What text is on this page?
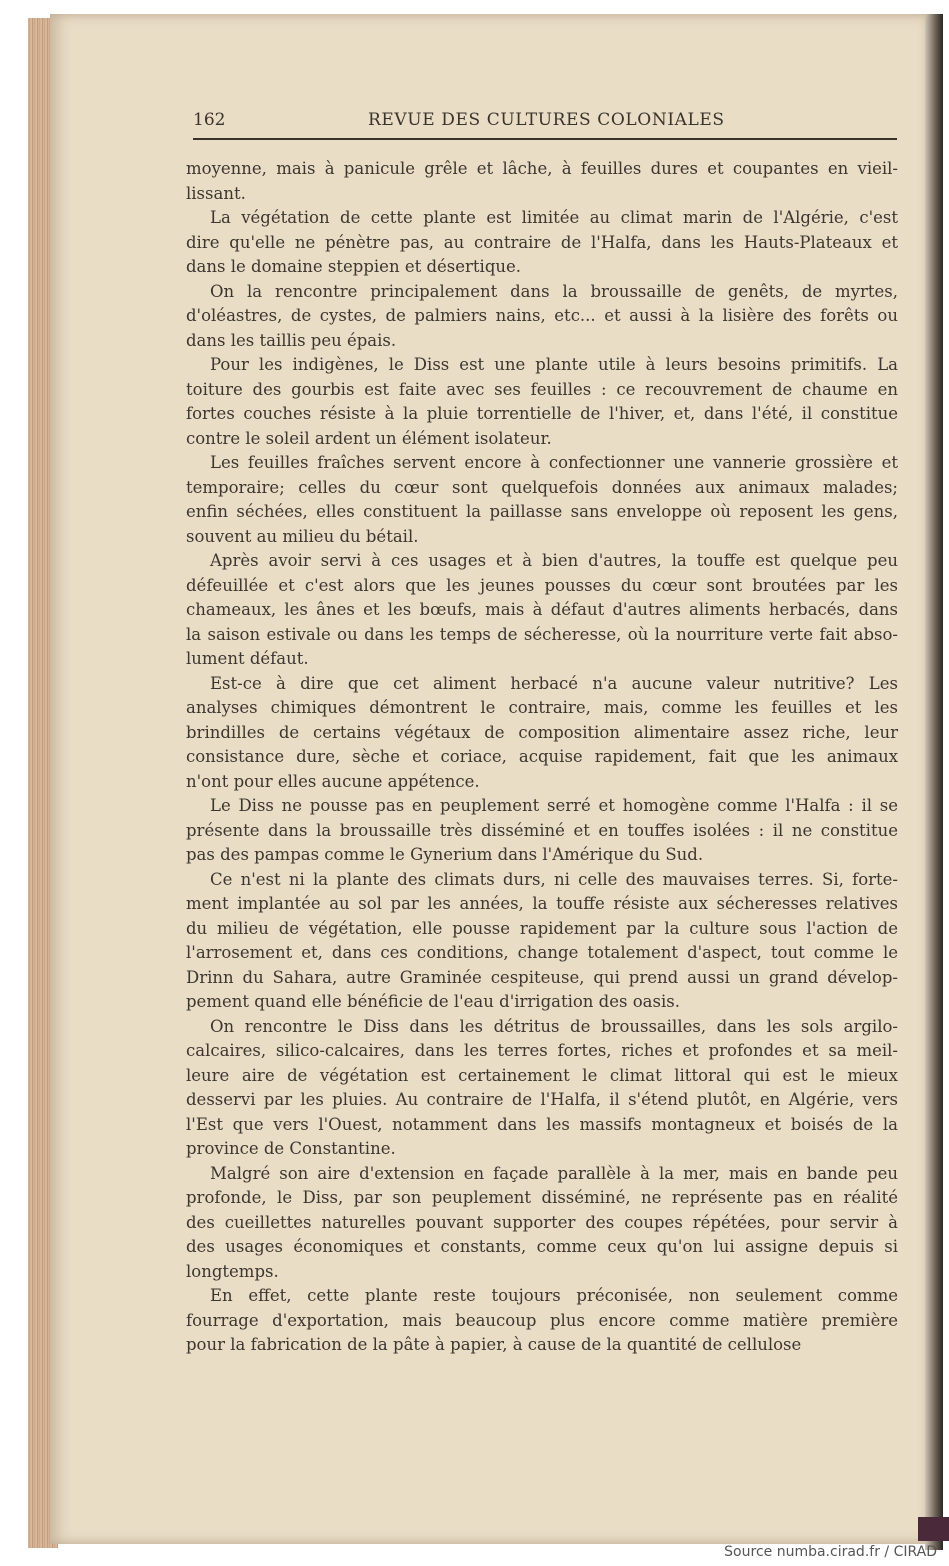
162	REVUE DES CULTURES COLONIALES
moyenne, mais à panicule grêle et lâche, à feuilles dures et coupantes en vieil-
lissant.
La végétation de cette plante est limitée au climat marin de l'Algérie, c'est
dire qu'elle ne pénètre pas, au contraire de l'Halfa, dans les Hauts-Plateaux et
dans le domaine steppien et désertique.
On la rencontre principalement dans la broussaille de genêts, de myrtes,
d'oléastres, de cystes, de palmiers nains, etc... et aussi à la lisière des forêts ou
dans les taillis peu épais.
Pour les indigènes, le Diss est une plante utile à leurs besoins primitifs. La
toiture des gourbis est faite avec ses feuilles : ce recouvrement de chaume en
fortes couches résiste à la pluie torrentielle de l'hiver, et, dans l'été, il constitue
contre le soleil ardent un élément isolateur.
Les feuilles fraîches servent encore à confectionner une vannerie grossière et
temporaire; celles du cœur sont quelquefois données aux animaux malades;
enfin séchées, elles constituent la paillasse sans enveloppe où reposent les gens,
souvent au milieu du bétail.
Après avoir servi à ces usages et à bien d'autres, la touffe est quelque peu
défeuillée et c'est alors que les jeunes pousses du cœur sont broutées par les
chameaux, les ânes et les bœufs, mais à défaut d'autres aliments herbacés, dans
la saison estivale ou dans les temps de sécheresse, où la nourriture verte fait abso-
lument défaut.
Est-ce à dire que cet aliment herbacé n'a aucune valeur nutritive? Les
analyses chimiques démontrent le contraire, mais, comme les feuilles et les
brindilles de certains végétaux de composition alimentaire assez riche, leur
consistance dure, sèche et coriace, acquise rapidement, fait que les animaux
n'ont pour elles aucune appétence.
Le Diss ne pousse pas en peuplement serré et homogène comme l'Halfa : il se
présente dans la broussaille très disséminé et en touffes isolées : il ne constitue
pas des pampas comme le Gynerium dans l'Amérique du Sud.
Ce n'est ni la plante des climats durs, ni celle des mauvaises terres. Si, forte-
ment implantée au sol par les années, la touffe résiste aux sécheresses relatives
du milieu de végétation, elle pousse rapidement par la culture sous l'action de
l'arrosement et, dans ces conditions, change totalement d'aspect, tout comme le
Drinn du Sahara, autre Graminée cespiteuse, qui prend aussi un grand dévelop-
pement quand elle bénéficie de l'eau d'irrigation des oasis.
On rencontre le Diss dans les détritus de broussailles, dans les sols argilo-
calcaires, silico-calcaires, dans les terres fortes, riches et profondes et sa meil-
leure aire de végétation est certainement le climat littoral qui est le mieux
desservi par les pluies. Au contraire de l'Halfa, il s'étend plutôt, en Algérie, vers
l'Est que vers l'Ouest, notamment dans les massifs montagneux et boisés de la
province de Constantine.
Malgré son aire d'extension en façade parallèle à la mer, mais en bande peu
profonde, le Diss, par son peuplement disséminé, ne représente pas en réalité
des cueillettes naturelles pouvant supporter des coupes répétées, pour servir à
des usages économiques et constants, comme ceux qu'on lui assigne depuis si
longtemps.
En effet, cette plante reste toujours préconisée, non seulement comme
fourrage d'exportation, mais beaucoup plus encore comme matière première
pour la fabrication de la pâte à papier, à cause de la quantité de cellulose
Source numba.cirad.fr / CIRAD
